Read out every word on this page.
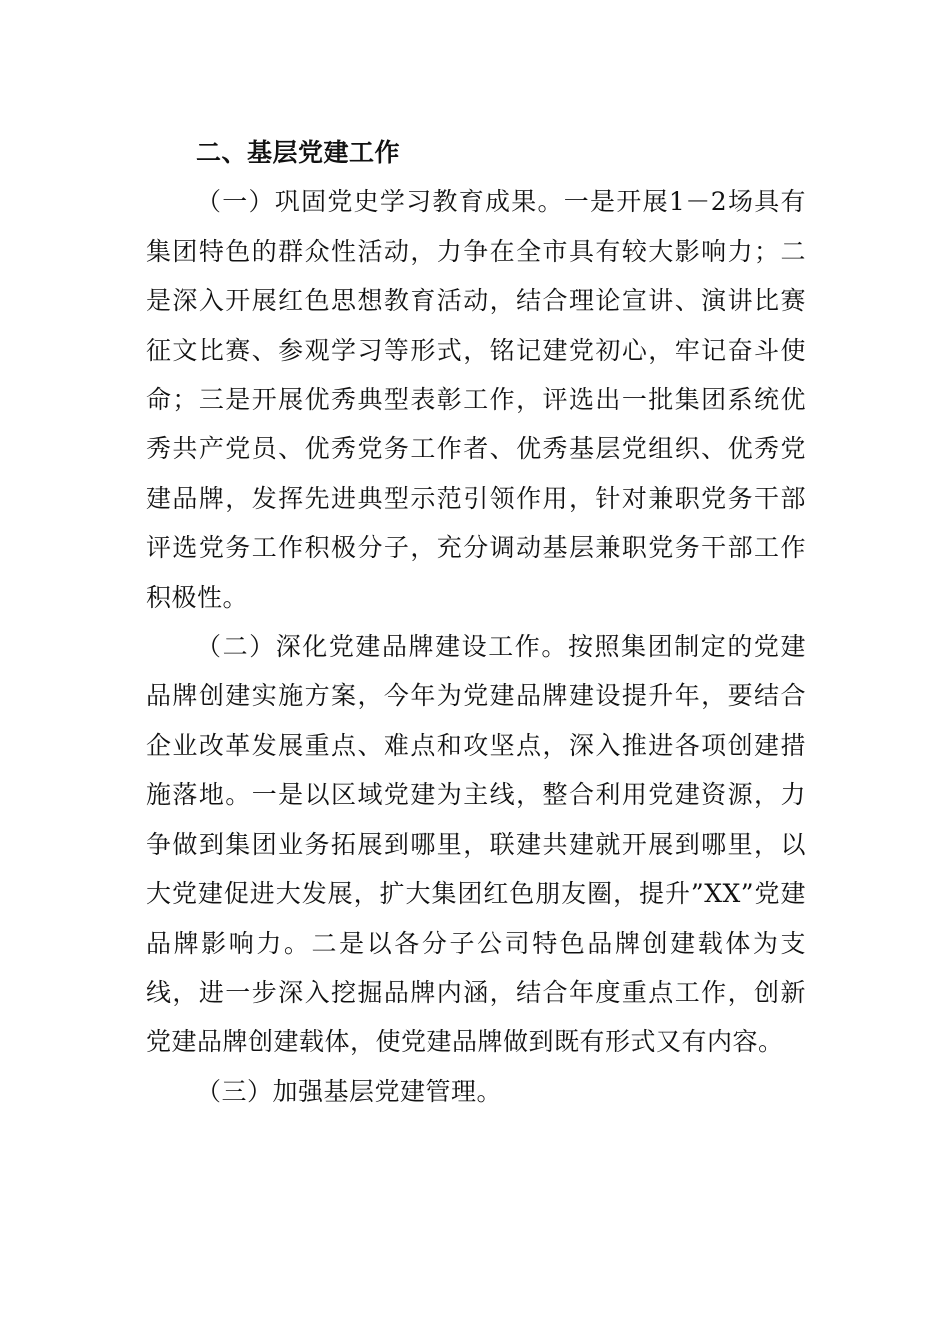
二、基层党建工作

（一）巩固党史学习教育成果。一是开展1－2场具有集团特色的群众性活动，力争在全市具有较大影响力；二是深入开展红色思想教育活动，结合理论宣讲、演讲比赛征文比赛、参观学习等形式，铭记建党初心，牢记奋斗使命；三是开展优秀典型表彰工作，评选出一批集团系统优秀共产党员、优秀党务工作者、优秀基层党组织、优秀党建品牌，发挥先进典型示范引领作用，针对兼职党务干部评选党务工作积极分子，充分调动基层兼职党务干部工作积极性。

（二）深化党建品牌建设工作。按照集团制定的党建品牌创建实施方案，今年为党建品牌建设提升年，要结合企业改革发展重点、难点和攻坚点，深入推进各项创建措施落地。一是以区域党建为主线，整合利用党建资源，力争做到集团业务拓展到哪里，联建共建就开展到哪里，以大党建促进大发展，扩大集团红色朋友圈，提升”XX”党建品牌影响力。二是以各分子公司特色品牌创建载体为支线，进一步深入挖掘品牌内涵，结合年度重点工作，创新党建品牌创建载体，使党建品牌做到既有形式又有内容。

（三）加强基层党建管理。
